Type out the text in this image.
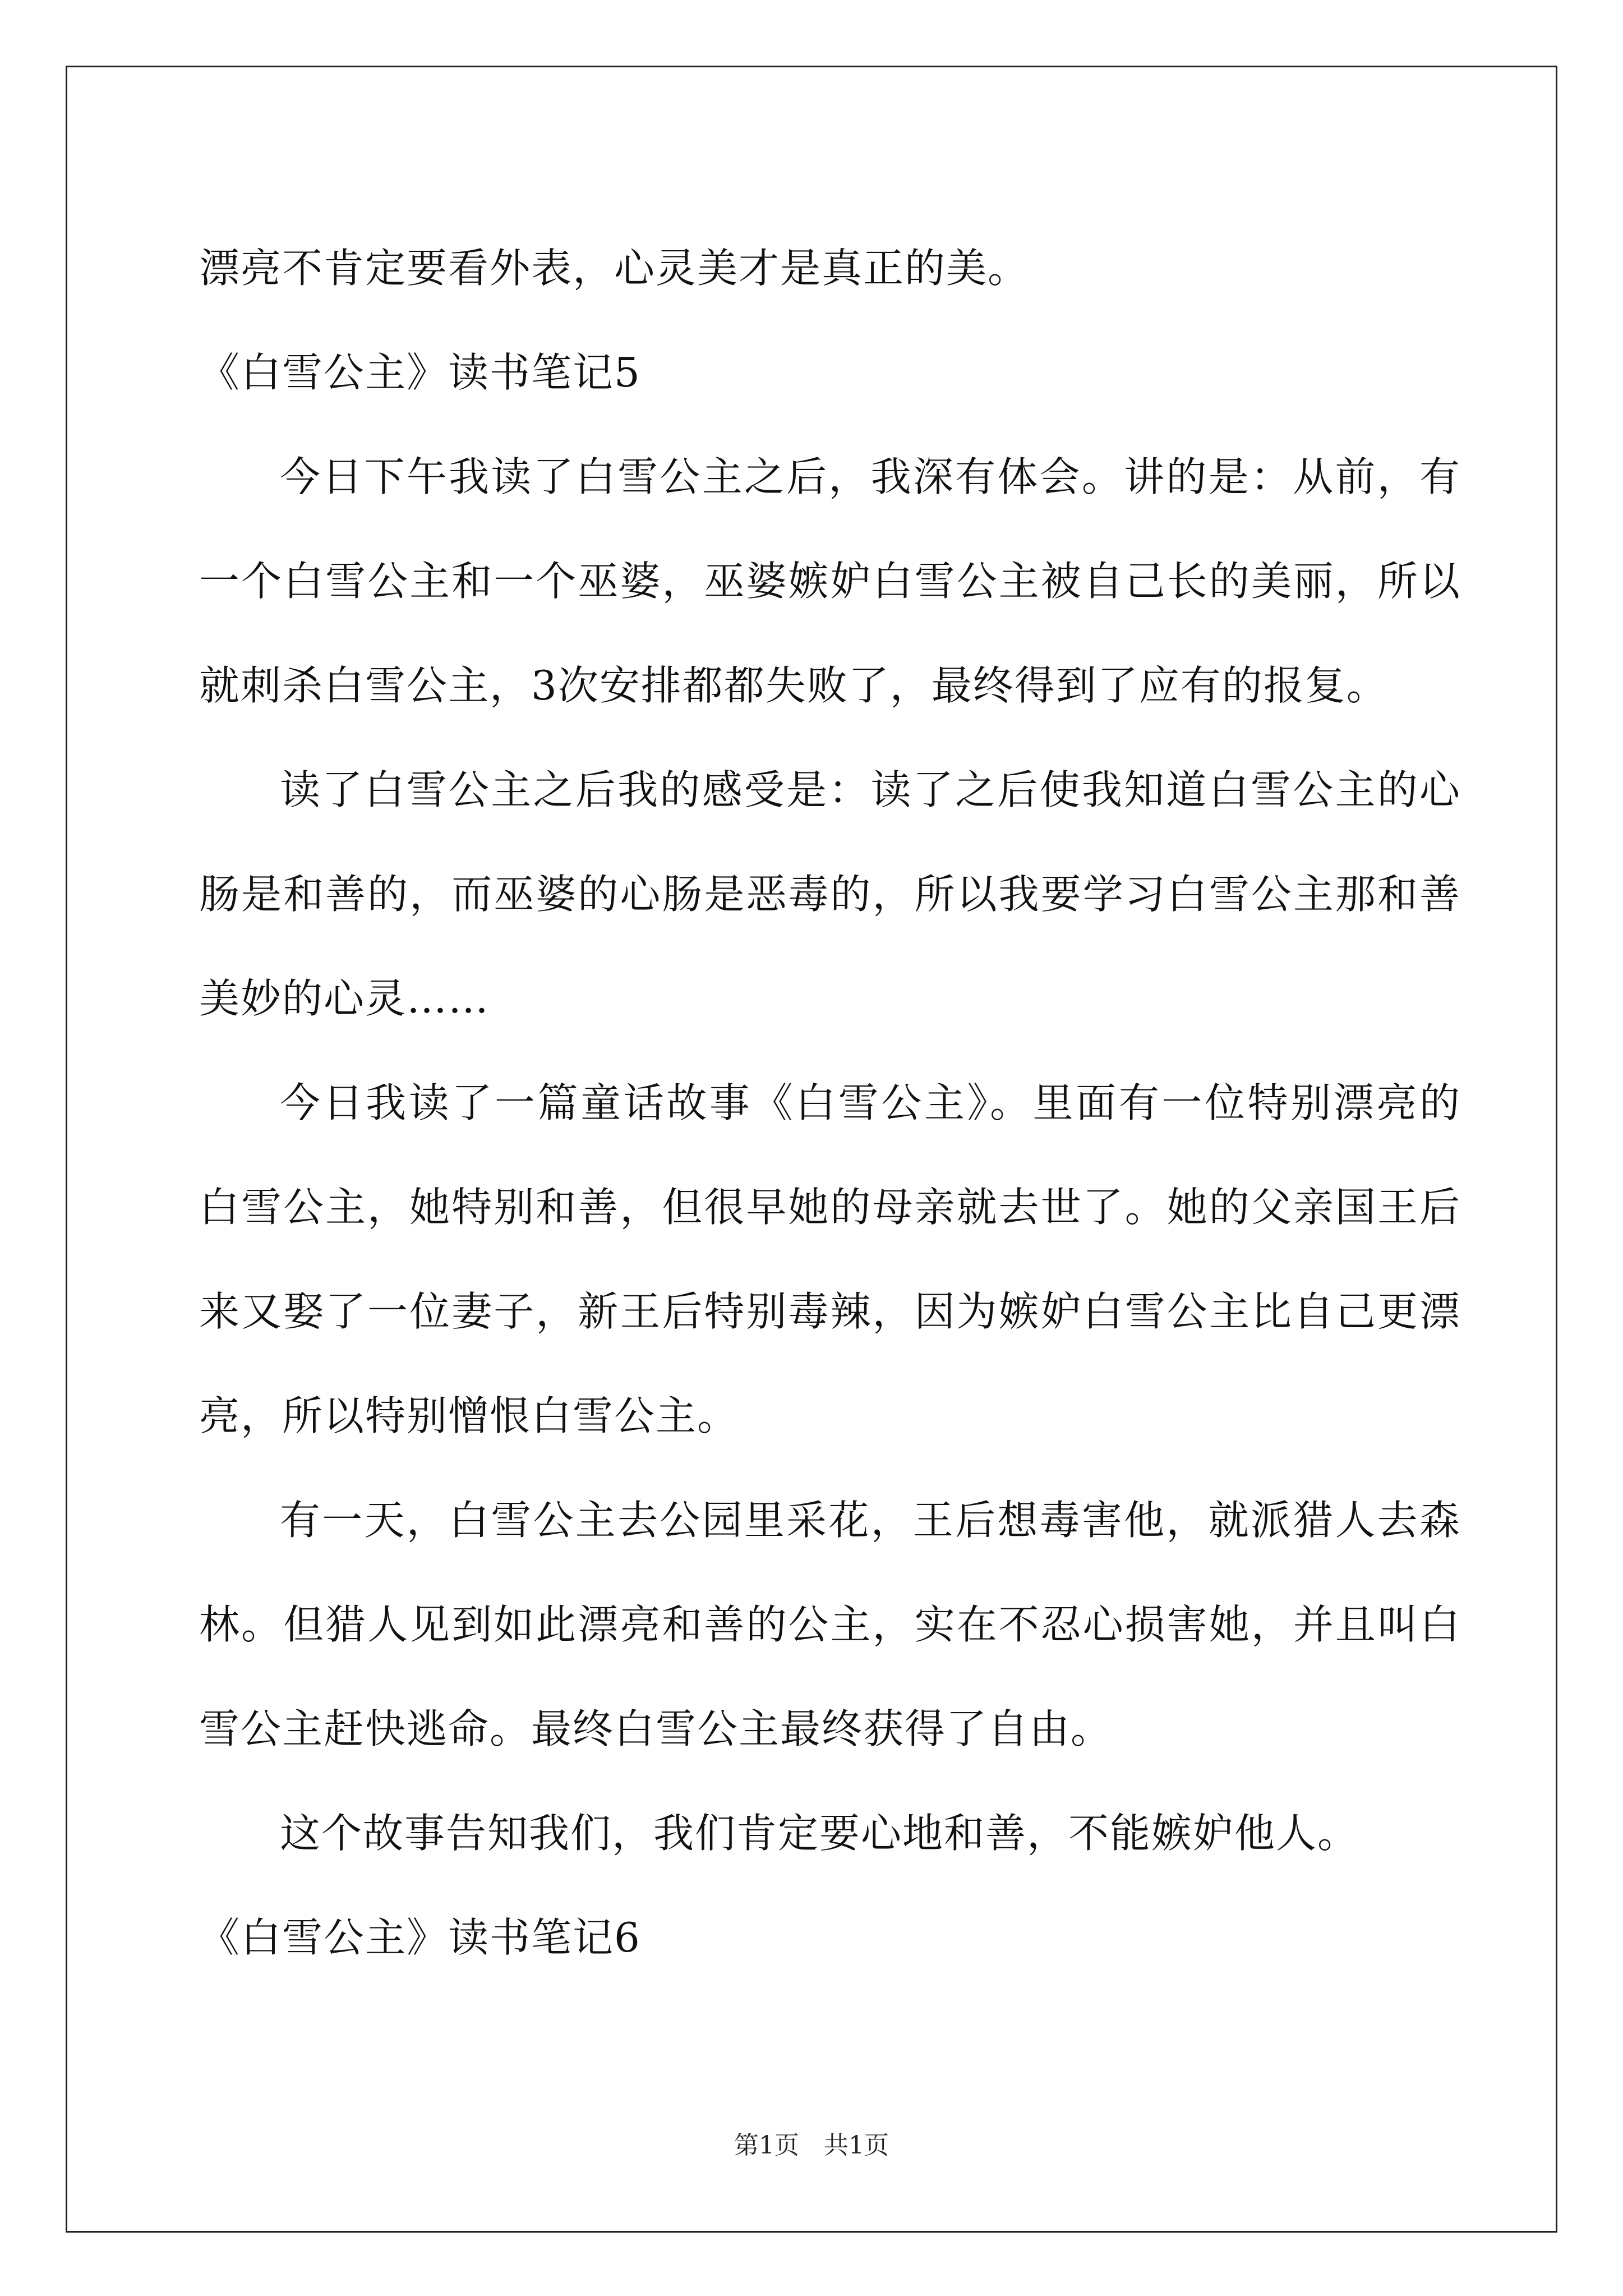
漂亮不肯定要看外表，心灵美才是真正的美。

《白雪公主》读书笔记5

今日下午我读了白雪公主之后，我深有体会。讲的是：从前，有一个白雪公主和一个巫婆，巫婆嫉妒白雪公主被自己长的美丽，所以就刺杀白雪公主，3次安排都都失败了，最终得到了应有的报复。

读了白雪公主之后我的感受是：读了之后使我知道白雪公主的心肠是和善的，而巫婆的心肠是恶毒的，所以我要学习白雪公主那和善美妙的心灵……

今日我读了一篇童话故事《白雪公主》。里面有一位特别漂亮的白雪公主，她特别和善，但很早她的母亲就去世了。她的父亲国王后来又娶了一位妻子，新王后特别毒辣，因为嫉妒白雪公主比自己更漂亮，所以特别憎恨白雪公主。

有一天，白雪公主去公园里采花，王后想毒害他，就派猎人去森林。但猎人见到如此漂亮和善的公主，实在不忍心损害她，并且叫白雪公主赶快逃命。最终白雪公主最终获得了自由。

这个故事告知我们，我们肯定要心地和善，不能嫉妒他人。

《白雪公主》读书笔记6

第1页　共1页
